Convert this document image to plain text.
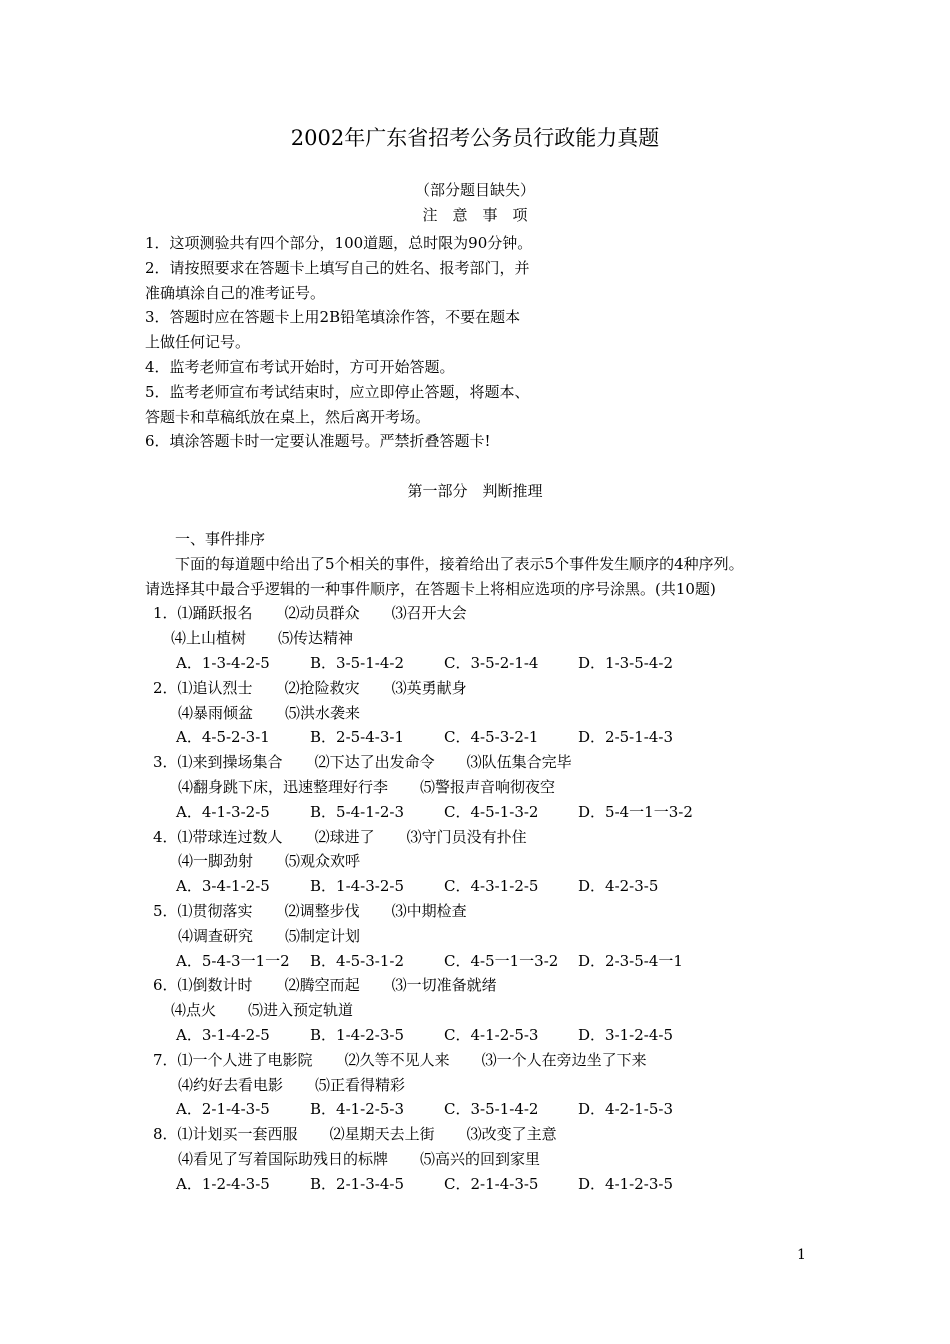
2002年广东省招考公务员行政能力真题
（部分题目缺失）
注　意　事　项
1．这项测验共有四个部分，100道题，总时限为90分钟。
2．请按照要求在答题卡上填写自己的姓名、报考部门，并
准确填涂自己的准考证号。
3．答题时应在答题卡上用2B铅笔填涂作答，不要在题本
上做任何记号。
4．监考老师宣布考试开始时，方可开始答题。
5．监考老师宣布考试结束时，应立即停止答题，将题本、
答题卡和草稿纸放在桌上，然后离开考场。
6．填涂答题卡时一定要认准题号。严禁折叠答题卡!
第一部分　判断推理
一、事件排序
下面的每道题中给出了5个相关的事件，接着给出了表示5个事件发生顺序的4种序列。
请选择其中最合乎逻辑的一种事件顺序，在答题卡上将相应选项的序号涂黑。(共10题)
1．⑴踊跃报名 ⑵动员群众 ⑶召开大会
⑷上山植树 ⑸传达精神
A．1-3-4-2-5	B．3-5-1-4-2	C．3-5-2-1-4	D．1-3-5-4-2
2．⑴追认烈士 ⑵抢险救灾 ⑶英勇献身
⑷暴雨倾盆 ⑸洪水袭来
A．4-5-2-3-1	B．2-5-4-3-1	C．4-5-3-2-1	D．2-5-1-4-3
3．⑴来到操场集合 ⑵下达了出发命令 ⑶队伍集合完毕
⑷翻身跳下床，迅速整理好行李 ⑸警报声音响彻夜空
A．4-1-3-2-5	B．5-4-1-2-3	C．4-5-1-3-2	D．5-4一1一3-2
4．⑴带球连过数人 ⑵球进了 ⑶守门员没有扑住
⑷一脚劲射 ⑸观众欢呼
A．3-4-1-2-5	B．1-4-3-2-5	C．4-3-1-2-5	D．4-2-3-5
5．⑴贯彻落实 ⑵调整步伐 ⑶中期检查
⑷调查研究 ⑸制定计划
A．5-4-3一1一2 B．4-5-3-1-2	C．4-5一1一3-2 D．2-3-5-4一1
6．⑴倒数计时 ⑵腾空而起 ⑶一切准备就绪
⑷点火 ⑸进入预定轨道
A．3-1-4-2-5	B．1-4-2-3-5	C．4-1-2-5-3	D．3-1-2-4-5
7．⑴一个人进了电影院 ⑵久等不见人来 ⑶一个人在旁边坐了下来
⑷约好去看电影 ⑸正看得精彩
A．2-1-4-3-5	B．4-1-2-5-3	C．3-5-1-4-2	D．4-2-1-5-3
8．⑴计划买一套西服 ⑵星期天去上街 ⑶改变了主意
⑷看见了写着国际助残日的标牌 ⑸高兴的回到家里
A．1-2-4-3-5	B．2-1-3-4-5	C．2-1-4-3-5	D．4-1-2-3-5
1
